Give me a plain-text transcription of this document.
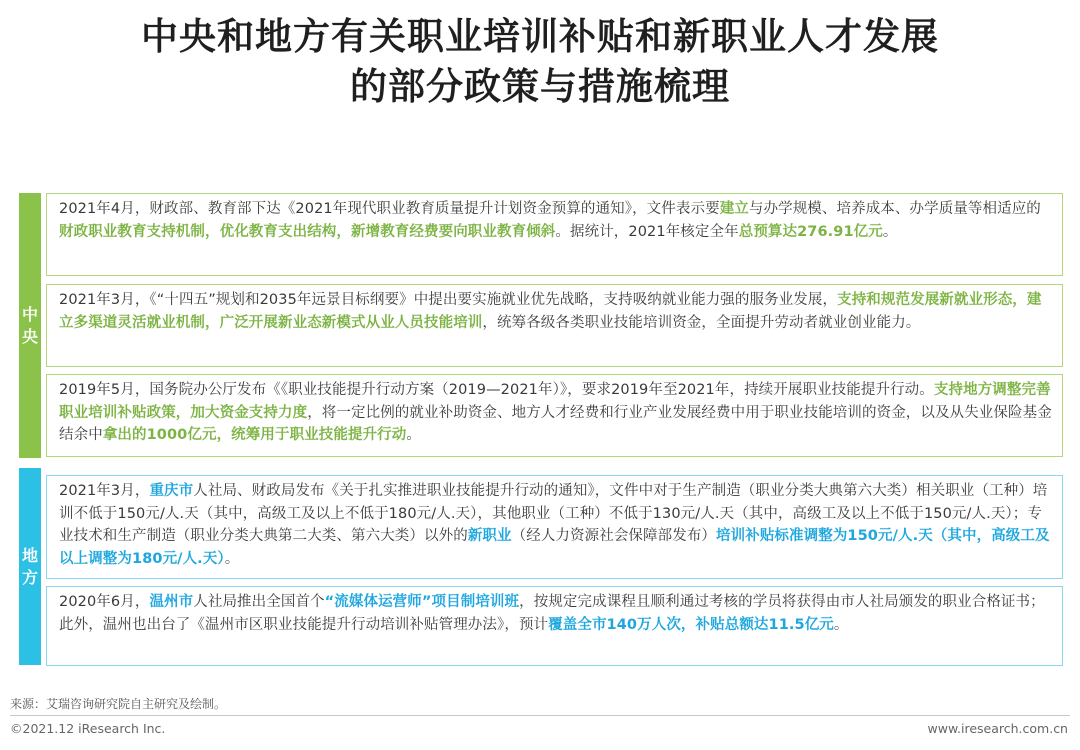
中央和地方有关职业培训补贴和新职业人才发展
的部分政策与措施梳理
中
央
地
方

2021年4月，财政部、教育部下达《2021年现代职业教育质量提升计划资金预算的通知》，文件表示要建立与办学规模、培养成本、办学质量等相适应的财政职业教育支持机制，优化教育支出结构，新增教育经费要向职业教育倾斜。据统计，2021年核定全年总预算达276.91亿元。

2021年3月，《“十四五”规划和2035年远景目标纲要》中提出要实施就业优先战略，支持吸纳就业能力强的服务业发展，支持和规范发展新就业形态，建立多渠道灵活就业机制，广泛开展新业态新模式从业人员技能培训，统筹各级各类职业技能培训资金，全面提升劳动者就业创业能力。

2019年5月，国务院办公厅发布《《职业技能提升行动方案（2019—2021年）》，要求2019年至2021年，持续开展职业技能提升行动。支持地方调整完善职业培训补贴政策，加大资金支持力度，将一定比例的就业补助资金、地方人才经费和行业产业发展经费中用于职业技能培训的资金，以及从失业保险基金结余中拿出的1000亿元，统筹用于职业技能提升行动。

2021年3月，重庆市人社局、财政局发布《关于扎实推进职业技能提升行动的通知》，文件中对于生产制造（职业分类大典第六大类）相关职业（工种）培训不低于150元/人.天（其中，高级工及以上不低于180元/人.天），其他职业（工种）不低于130元/人.天（其中，高级工及以上不低于150元/人.天）；专业技术和生产制造（职业分类大典第二大类、第六大类）以外的新职业（经人力资源社会保障部发布）培训补贴标准调整为150元/人.天（其中，高级工及以上调整为180元/人.天）。

2020年6月，温州市人社局推出全国首个“流媒体运营师”项目制培训班，按规定完成课程且顺利通过考核的学员将获得由市人社局颁发的职业合格证书；此外，温州也出台了《温州市区职业技能提升行动培训补贴管理办法》，预计覆盖全市140万人次，补贴总额达11.5亿元。

来源：艾瑞咨询研究院自主研究及绘制。
©2021.12 iResearch Inc.	www.iresearch.com.cn
